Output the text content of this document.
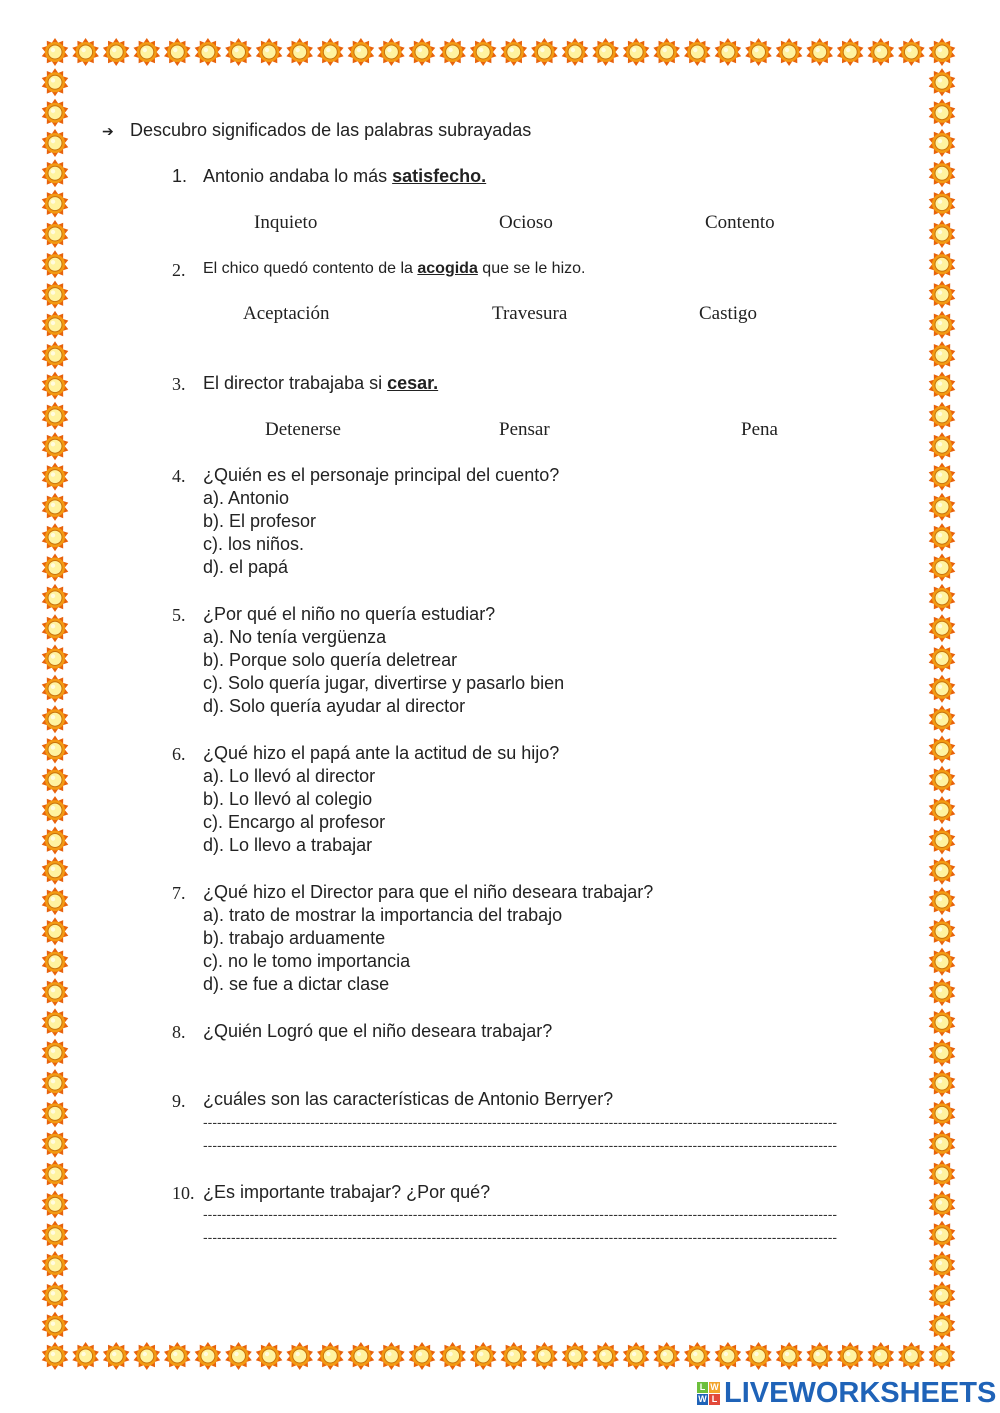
➔ Descubro significados de las palabras subrayadas
1. Antonio andaba lo más satisfecho.
Inquieto	Ocioso	Contento
2. El chico quedó contento de la acogida que se le hizo.
Aceptación	Travesura	Castigo
3. El director trabajaba si cesar.
Detenerse	Pensar	Pena
4. ¿Quién es el personaje principal del cuento?
a). Antonio
b). El profesor
c). los niños.
d). el papá
5. ¿Por qué el niño no quería estudiar?
a). No tenía vergüenza
b). Porque solo quería deletrear
c). Solo quería jugar, divertirse y pasarlo bien
d). Solo quería ayudar al director
6. ¿Qué hizo el papá ante la actitud de su hijo?
a). Lo llevó al director
b). Lo llevó al colegio
c). Encargo al profesor
d). Lo llevo a trabajar
7. ¿Qué hizo el Director para que el niño deseara trabajar?
a). trato de mostrar la importancia del trabajo
b). trabajo arduamente
c). no le tomo importancia
d). se fue a dictar clase
8. ¿Quién Logró que el niño deseara trabajar?
9. ¿cuáles son las características de Antonio Berryer?
----------------------------------------------------------------------------------------------------------------------------------------
----------------------------------------------------------------------------------------------------------------------------------------
10. ¿Es importante trabajar? ¿Por qué?
----------------------------------------------------------------------------------------------------------------------------------------
----------------------------------------------------------------------------------------------------------------------------------------
L W
W L LIVEWORKSHEETS
